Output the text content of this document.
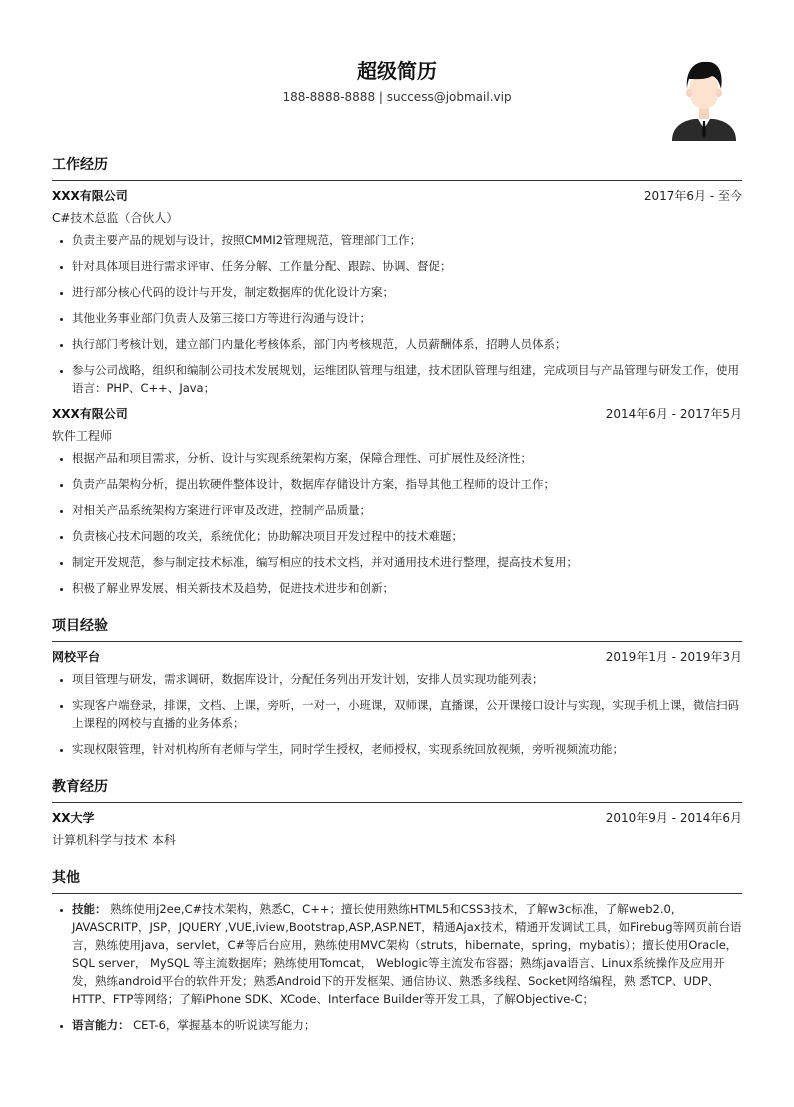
超级简历
188-8888-8888 | success@jobmail.vip
工作经历
XXX有限公司	2017年6月 - 至今
C#技术总监（合伙人）
• 负责主要产品的规划与设计，按照CMMI2管理规范，管理部门工作；
• 针对具体项目进行需求评审、任务分解、工作量分配、跟踪、协调、督促；
• 进行部分核心代码的设计与开发，制定数据库的优化设计方案；
• 其他业务事业部门负责人及第三接口方等进行沟通与设计；
• 执行部门考核计划，建立部门内量化考核体系，部门内考核规范，人员薪酬体系，招聘人员体系；
• 参与公司战略，组织和编制公司技术发展规划，运维团队管理与组建，技术团队管理与组建，完成项目与产品管理与研发工作，使用语言：PHP、C++、Java；
XXX有限公司	2014年6月 - 2017年5月
软件工程师
• 根据产品和项目需求，分析、设计与实现系统架构方案，保障合理性、可扩展性及经济性；
• 负责产品架构分析，提出软硬件整体设计，数据库存储设计方案，指导其他工程师的设计工作；
• 对相关产品系统架构方案进行评审及改进，控制产品质量；
• 负责核心技术问题的攻关，系统优化；协助解决项目开发过程中的技术难题；
• 制定开发规范，参与制定技术标准，编写相应的技术文档，并对通用技术进行整理，提高技术复用；
• 积极了解业界发展、相关新技术及趋势，促进技术进步和创新；
项目经验
网校平台	2019年1月 - 2019年3月
• 项目管理与研发，需求调研，数据库设计，分配任务列出开发计划，安排人员实现功能列表；
• 实现客户端登录，排课，文档、上课，旁听，一对一，小班课，双师课，直播课，公开课接口设计与实现，实现手机上课，微信扫码上课程的网校与直播的业务体系；
• 实现权限管理，针对机构所有老师与学生，同时学生授权，老师授权，实现系统回放视频，旁听视频流功能；
教育经历
XX大学	2010年9月 - 2014年6月
计算机科学与技术 本科
其他
• 技能： 熟练使用j2ee,C#技术架构，熟悉C，C++；擅长使用熟练HTML5和CSS3技术，了解w3c标准，了解web2.0, JAVASCRITP，JSP，JQUERY ,VUE,iview,Bootstrap,ASP,ASP.NET，精通Ajax技术，精通开发调试工具，如Firebug等网页前台语言，熟练使用java，servlet，C#等后台应用，熟练使用MVC架构（struts，hibernate，spring，mybatis）；擅长使用Oracle，SQL server， MySQL 等主流数据库；熟练使用Tomcat， Weblogic等主流发布容器；熟练java语言、Linux系统操作及应用开发，熟练android平台的软件开发；熟悉Android下的开发框架、通信协议、熟悉多线程、Socket网络编程，熟 悉TCP、UDP、HTTP、FTP等网络；了解iPhone SDK、XCode、Interface Builder等开发工具，了解Objective-C；
• 语言能力： CET-6，掌握基本的听说读写能力；
